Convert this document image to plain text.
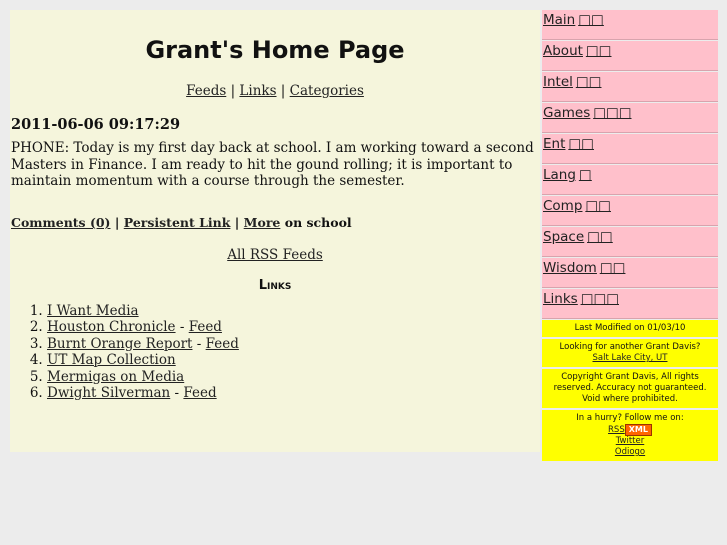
Grant's Home Page
Feeds | Links | Categories

2011-06-06 09:17:29

PHONE: Today is my first day back at school. I am working toward a second Masters in Finance. I am ready to hit the gound rolling; it is important to maintain momentum with a course through the semester.

Comments (0) | Persistent Link | More on school
All RSS Feeds
Links
1. I Want Media
2. Houston Chronicle - Feed
3. Burnt Orange Report - Feed
4. UT Map Collection
5. Mermigas on Media
6. Dwight Silverman - Feed
Main □□
About □□
Intel □□
Games □□□
Ent □□
Lang □
Comp □□
Space □□
Wisdom □□
Links □□□
Last Modified on 01/03/10
Looking for another Grant Davis?
Salt Lake City, UT
Copyright Grant Davis, All rights reserved. Accuracy not guaranteed. Void where prohibited.
In a hurry? Follow me on:
RSS XML
Twitter
Odiogo
